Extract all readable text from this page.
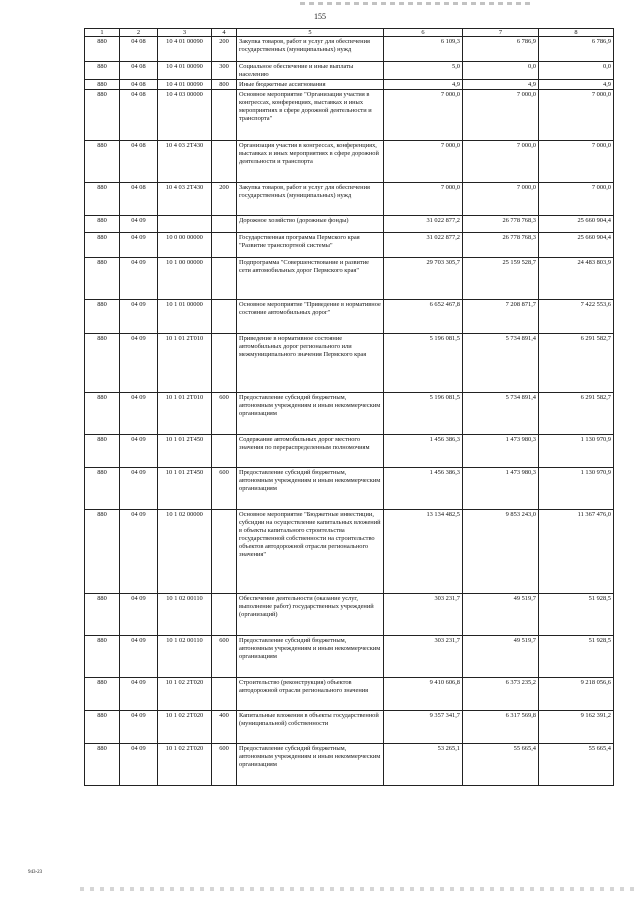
155
1	2	3	4	5	6	7	8
880	04 08	10 4 01 00090	200	Закупка товаров, работ и услуг для обеспечения государственных (муниципальных) нужд	6 109,3	6 786,9	6 786,9
880	04 08	10 4 01 00090	300	Социальное обеспечение и иные выплаты населению	5,0	0,0	0,0
880	04 08	10 4 01 00090	800	Иные бюджетные ассигнования	4,9	4,9	4,9
880	04 08	10 4 03 00000		Основное мероприятие "Организация участия в конгрессах, конференциях, выставках и иных мероприятиях в сфере дорожной деятельности и транспорта"	7 000,0	7 000,0	7 000,0
880	04 08	10 4 03 2Т430		Организация участия в конгрессах, конференциях, выставках и иных мероприятиях в сфере дорожной деятельности и транспорта	7 000,0	7 000,0	7 000,0
880	04 08	10 4 03 2Т430	200	Закупка товаров, работ и услуг для обеспечения государственных (муниципальных) нужд	7 000,0	7 000,0	7 000,0
880	04 09			Дорожное хозяйство (дорожные фонды)	31 022 877,2	26 778 768,3	25 660 904,4
880	04 09	10 0 00 00000		Государственная программа Пермского края "Развитие транспортной системы"	31 022 877,2	26 778 768,3	25 660 904,4
880	04 09	10 1 00 00000		Подпрограмма "Совершенствование и развитие сети автомобильных дорог Пермского края"	29 703 305,7	25 159 528,7	24 483 803,9
880	04 09	10 1 01 00000		Основное мероприятие "Приведение в нормативное состояние автомобильных дорог"	6 652 467,8	7 208 871,7	7 422 553,6
880	04 09	10 1 01 2Т010		Приведение в нормативное состояние автомобильных дорог регионального или межмуниципального значения Пермского края	5 196 081,5	5 734 891,4	6 291 582,7
880	04 09	10 1 01 2Т010	600	Предоставление субсидий бюджетным, автономным учреждениям и иным некоммерческим организациям	5 196 081,5	5 734 891,4	6 291 582,7
880	04 09	10 1 01 2Т450		Содержание автомобильных дорог местного значения по перераспределенным полномочиям	1 456 386,3	1 473 980,3	1 130 970,9
880	04 09	10 1 01 2Т450	600	Предоставление субсидий бюджетным, автономным учреждениям и иным некоммерческим организациям	1 456 386,3	1 473 980,3	1 130 970,9
880	04 09	10 1 02 00000		Основное мероприятие "Бюджетные инвестиции, субсидии на осуществление капитальных вложений в объекты капитального строительства государственной собственности на строительство объектов автодорожной отрасли регионального значения"	13 134 482,5	9 853 243,0	11 367 476,0
880	04 09	10 1 02 00110		Обеспечение деятельности (оказание услуг, выполнение работ) государственных учреждений (организаций)	303 231,7	49 519,7	51 928,5
880	04 09	10 1 02 00110	600	Предоставление субсидий бюджетным, автономным учреждениям и иным некоммерческим организациям	303 231,7	49 519,7	51 928,5
880	04 09	10 1 02 2Т020		Строительство (реконструкция) объектов автодорожной отрасли регионального значения	9 410 606,8	6 373 235,2	9 218 056,6
880	04 09	10 1 02 2Т020	400	Капитальные вложения в объекты государственной (муниципальной) собственности	9 357 341,7	6 317 569,8	9 162 391,2
880	04 09	10 1 02 2Т020	600	Предоставление субсидий бюджетным, автономным учреждениям и иным некоммерческим организациям	53 265,1	55 665,4	55 665,4
943-23
